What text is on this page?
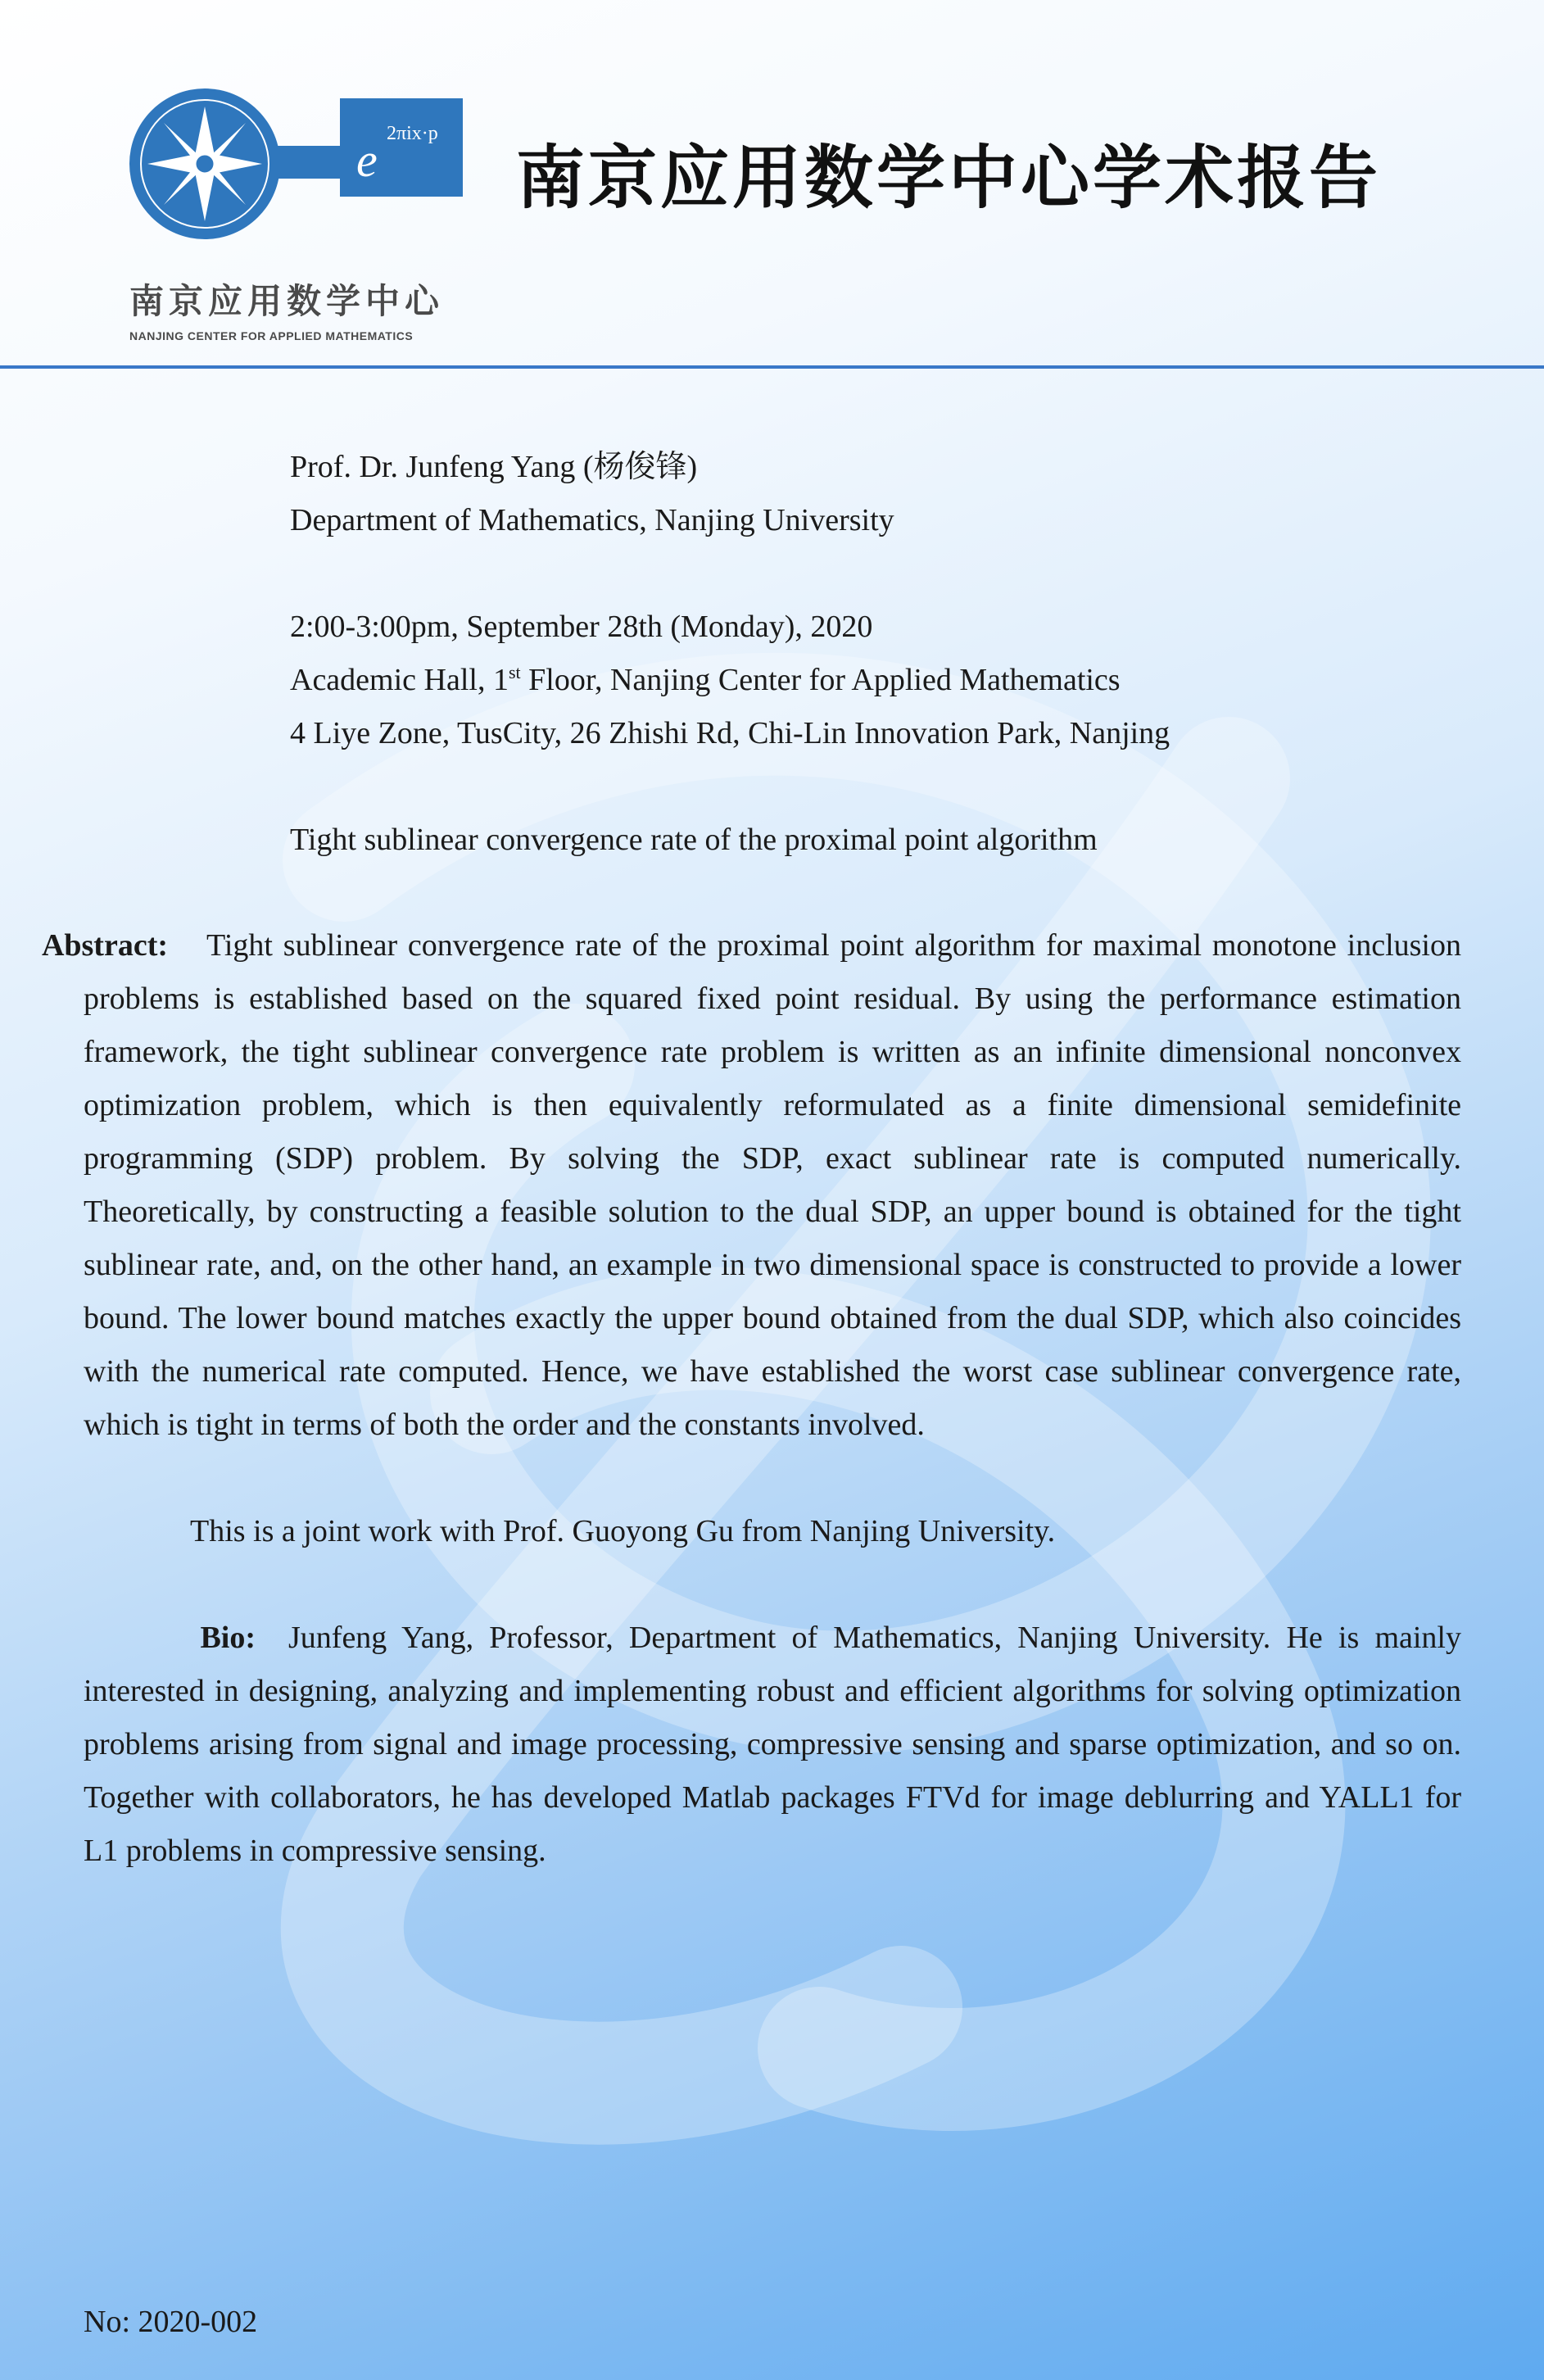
e 2πix·p
南京应用数学中心
NANJING CENTER FOR APPLIED MATHEMATICS
南京应用数学中心学术报告
Prof. Dr. Junfeng Yang (杨俊锋)
Department of Mathematics, Nanjing University
2:00-3:00pm, September 28th (Monday), 2020
Academic Hall, 1st Floor, Nanjing Center for Applied Mathematics
4 Liye Zone, TusCity, 26 Zhishi Rd, Chi-Lin Innovation Park, Nanjing
Tight sublinear convergence rate of the proximal point algorithm

Abstract: Tight sublinear convergence rate of the proximal point algorithm for maximal monotone inclusion problems is established based on the squared fixed point residual. By using the performance estimation framework, the tight sublinear convergence rate problem is written as an infinite dimensional nonconvex optimization problem, which is then equivalently reformulated as a finite dimensional semidefinite programming (SDP) problem. By solving the SDP, exact sublinear rate is computed numerically. Theoretically, by constructing a feasible solution to the dual SDP, an upper bound is obtained for the tight sublinear rate, and, on the other hand, an example in two dimensional space is constructed to provide a lower bound. The lower bound matches exactly the upper bound obtained from the dual SDP, which also coincides with the numerical rate computed. Hence, we have established the worst case sublinear convergence rate, which is tight in terms of both the order and the constants involved.

This is a joint work with Prof. Guoyong Gu from Nanjing University.

Bio: Junfeng Yang, Professor, Department of Mathematics, Nanjing University. He is mainly interested in designing, analyzing and implementing robust and efficient algorithms for solving optimization problems arising from signal and image processing, compressive sensing and sparse optimization, and so on. Together with collaborators, he has developed Matlab packages FTVd for image deblurring and YALL1 for L1 problems in compressive sensing.

No: 2020-002
